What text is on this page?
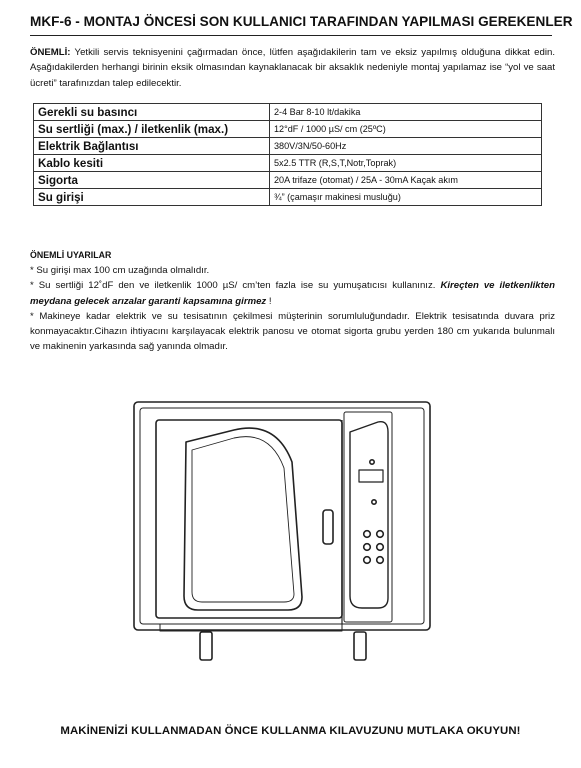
MKF-6 - MONTAJ ÖNCESİ SON KULLANICI TARAFINDAN YAPILMASI GEREKENLER
ÖNEMLİ: Yetkili servis teknisyenini çağırmadan önce, lütfen aşağıdakilerin tam ve eksiz yapılmış olduğuna dikkat edin. Aşağıdakilerden herhangi birinin eksik olmasından kaynaklanacak bir aksaklık nedeniyle montaj yapılamaz ise “yol ve saat ücreti” tarafınızdan talep edilecektir.
Gerekli su basıncı	2-4 Bar 8-10 lt/dakika
Su sertliği (max.) / iletkenlik (max.)	12°dF / 1000 µS/ cm (25ºC)
Elektrik Bağlantısı	380V/3N/50-60Hz
Kablo kesiti	5x2.5 TTR (R,S,T,Notr,Toprak)
Sigorta	20A trifaze (otomat) / 25A - 30mA Kaçak akım
Su girişi	¾” (çamaşır makinesi musluğu)

ÖNEMLİ UYARILAR

* Su girişi max 100 cm uzağında olmalıdır.

* Su sertliği 12˚dF den ve iletkenlik 1000 µS/ cm’ten fazla ise su yumuşatıcısı kullanınız. Kireçten ve iletkenlikten meydana gelecek arızalar garanti kapsamına girmez !

* Makineye kadar elektrik ve su tesisatının çekilmesi müşterinin sorumluluğundadır. Elektrik tesisatında duvara priz konmayacaktır.Cihazın ihtiyacını karşılayacak elektrik panosu ve otomat sigorta grubu yerden 180 cm yukarıda bulunmalı ve makinenin yarkasında sağ yanında olmadır.

MAKİNENİZİ KULLANMADAN ÖNCE KULLANMA KILAVUZUNU MUTLAKA OKUYUN!
